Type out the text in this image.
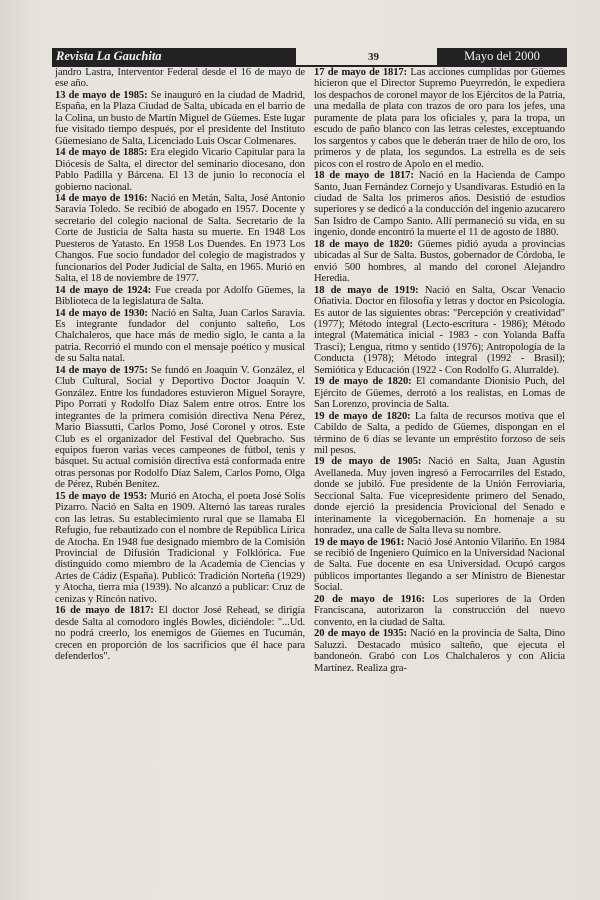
Revista La Gauchita	39	Mayo del 2000

jandro Lastra, Interventor Federal desde el 16 de mayo de ese año.

13 de mayo de 1985: Se inauguró en la ciudad de Madrid, España, en la Plaza Ciudad de Salta, ubicada en el barrio de la Colina, un busto de Martín Miguel de Güemes. Este lugar fue visitado tiempo después, por el presidente del Instituto Güemesiano de Salta, Licenciado Luis Oscar Colmenares.

14 de mayo de 1885: Era elegido Vicario Capitular para la Diócesis de Salta, el director del seminario diocesano, don Pablo Padilla y Bárcena. El 13 de junio lo reconocía el gobierno nacional.

14 de mayo de 1916: Nació en Metán, Salta, José Antonio Saravia Toledo. Se recibió de abogado en 1957. Docente y secretario del colegio nacional de Salta. Secretario de la Corte de Justicia de Salta hasta su muerte. En 1948 Los Puesteros de Yatasto. En 1958 Los Duendes. En 1973 Los Changos. Fue socio fundador del colegio de magistrados y funcionarios del Poder Judicial de Salta, en 1965. Murió en Salta, el 18 de noviembre de 1977.

14 de mayo de 1924: Fue creada por Adolfo Güemes, la Biblioteca de la legislatura de Salta.

14 de mayo de 1930: Nació en Salta, Juan Carlos Saravia. Es integrante fundador del conjunto salteño, Los Chalchaleros, que hace más de medio siglo, le canta a la patria. Recorrió el mundo con el mensaje poético y musical de su Salta natal.

14 de mayo de 1975: Se fundó en Joaquín V. González, el Club Cultural, Social y Deportivo Doctor Joaquín V. González. Entre los fundadores estuvieron Miguel Sorayre, Pipo Porrati y Rodolfo Díaz Salem entre otros. Entre los integrantes de la primera comisión directiva Nena Pérez, Mario Biassutti, Carlos Pomo, José Coronel y otros. Este Club es el organizador del Festival del Quebracho. Sus equipos fueron varias veces campeones de fútbol, tenis y básquet. Su actual comisión directiva está conformada entre otras personas por Rodolfo Díaz Salem, Carlos Pomo, Olga de Pérez, Rubén Benítez.

15 de mayo de 1953: Murió en Atocha, el poeta José Solís Pizarro. Nació en Salta en 1909. Alternó las tareas rurales con las letras. Su establecimiento rural que se llamaba El Refugio, fue rebautizado con el nombre de República Lírica de Atocha. En 1948 fue designado miembro de la Comisión Provincial de Difusión Tradicional y Folklórica. Fue distinguido como miembro de la Academia de Ciencias y Artes de Cádiz (España). Publicó: Tradición Norteña (1929) y Atocha, tierra mía (1939). No alcanzó a publicar: Cruz de cenizas y Rincón nativo.

16 de mayo de 1817: El doctor José Rehead, se dirigía desde Salta al comodoro inglés Bowles, diciéndole: "...Ud. no podrá creerlo, los enemigos de Güemes en Tucumán, crecen en proporción de los sacrificios que él hace para defenderlos".

17 de mayo de 1817: Las acciones cumplidas por Güemes hicieron que el Director Supremo Pueyrredón, le expediera los despachos de coronel mayor de los Ejércitos de la Patria, una medalla de plata con trazos de oro para los jefes, una puramente de plata para los oficiales y, para la tropa, un escudo de paño blanco con las letras celestes, exceptuando los sargentos y cabos que le deberán traer de hilo de oro, los primeros y de plata, los segundos. La estrella es de seis picos con el rostro de Apolo en el medio.

18 de mayo de 1817: Nació en la Hacienda de Campo Santo, Juan Fernández Cornejo y Usandivaras. Estudió en la ciudad de Salta los primeros años. Desistió de estudios superiores y se dedicó a la conducción del ingenio azucarero San Isidro de Campo Santo. Allí permaneció su vida, en su ingenio, donde encontró la muerte el 11 de agosto de 1880.

18 de mayo de 1820: Güemes pidió ayuda a provincias ubicadas al Sur de Salta. Bustos, gobernador de Córdoba, le envió 500 hombres, al mando del coronel Alejandro Heredia.

18 de mayo de 1919: Nació en Salta, Oscar Venacio Oñativia. Doctor en filosofía y letras y doctor en Psicología. Es autor de las siguientes obras: "Percepción y creatividad" (1977); Método integral (Lecto-escritura - 1986); Método integral (Matemática inicial - 1983 - con Yolanda Baffa Trasci); Lengua, ritmo y sentido (1976); Antropología de la Conducta (1978); Método integral (1992 - Brasil); Semiótica y Educación (1922 - Con Rodolfo G. Alurralde).

19 de mayo de 1820: El comandante Dionisio Puch, del Ejército de Güemes, derrotó a los realistas, en Lomas de San Lorenzo, provincia de Salta.

19 de mayo de 1820: La falta de recursos motiva que el Cabildo de Salta, a pedido de Güemes, dispongan en el término de 6 días se levante un empréstito forzoso de seis mil pesos.

19 de mayo de 1905: Nació en Salta, Juan Agustín Avellaneda. Muy joven ingresó a Ferrocarriles del Estado, donde se jubiló. Fue presidente de la Unión Ferroviaria, Seccional Salta. Fue vicepresidente primero del Senado, donde ejerció la presidencia Provicional del Senado e interinamente la vicegobernación. En homenaje a su honradez, una calle de Salta lleva su nombre.

19 de mayo de 1961: Nació José Antonio Vilariño. En 1984 se recibió de Ingeniero Químico en la Universidad Nacional de Salta. Fue docente en esa Universidad. Ocupó cargos públicos importantes llegando a ser Ministro de Bienestar Social.

20 de mayo de 1916: Los superiores de la Orden Franciscana, autorizaron la construcción del nuevo convento, en la ciudad de Salta.

20 de mayo de 1935: Nació en la provincia de Salta, Dino Saluzzi. Destacado músico salteño, que ejecuta el bandoneón. Grabó con Los Chalchaleros y con Alicia Martínez. Realiza gra-
